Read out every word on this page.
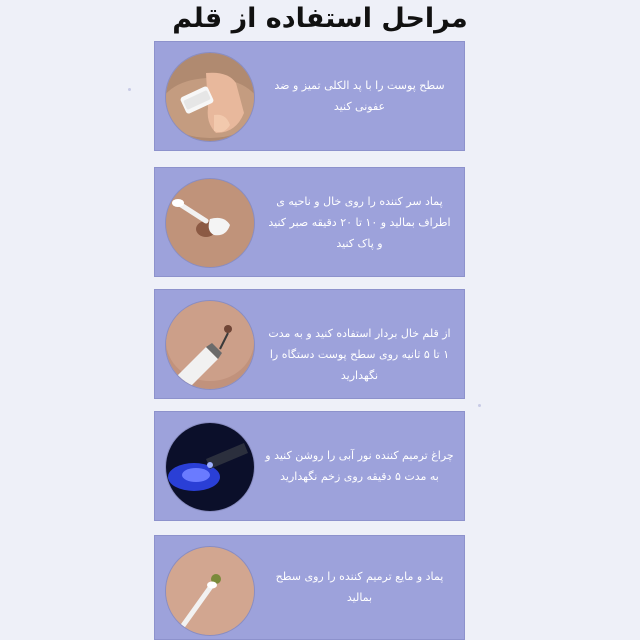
مراحل استفاده از قلم
سطح پوست را با پد الکلی تمیز و ضد عفونی کنید
پماد سر کننده را روی خال و ناحیه ی اطراف بمالید و ۱۰ تا ۲۰ دقیقه صبر کنید و پاک کنید
از قلم خال بردار استفاده کنید و به مدت ۱ تا ۵ ثانیه روی سطح پوست دستگاه را نگهدارید
چراغ ترمیم کننده نور آبی را روشن کنید و به مدت ۵ دقیقه روی زخم نگهدارید
پماد و مایع ترمیم کننده را روی سطح بمالید
